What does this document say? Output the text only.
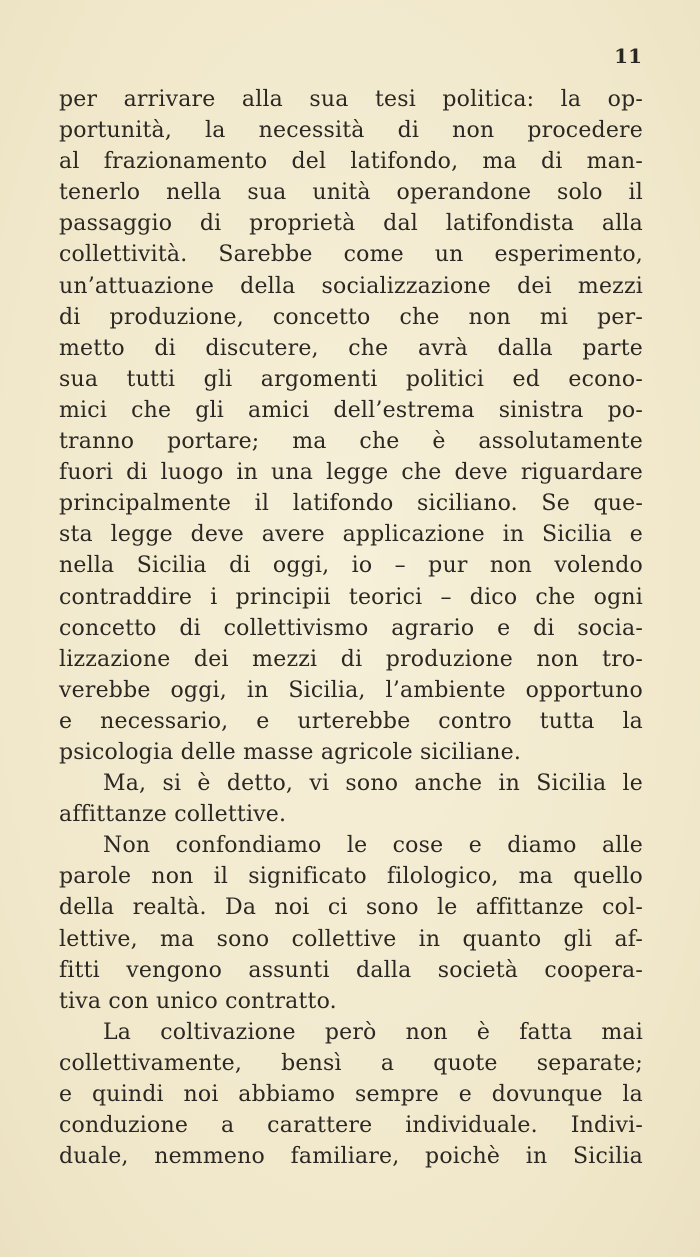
11
per arrivare alla sua tesi politica: la op-
portunità, la necessità di non procedere
al frazionamento del latifondo, ma di man-
tenerlo nella sua unità operandone solo il
passaggio di proprietà dal latifondista alla
collettività. Sarebbe come un esperimento,
un’attuazione della socializzazione dei mezzi
di produzione, concetto che non mi per-
metto di discutere, che avrà dalla parte
sua tutti gli argomenti politici ed econo-
mici che gli amici dell’estrema sinistra po-
tranno portare; ma che è assolutamente
fuori di luogo in una legge che deve riguardare
principalmente il latifondo siciliano. Se que-
sta legge deve avere applicazione in Sicilia e
nella Sicilia di oggi, io – pur non volendo
contraddire i principii teorici – dico che ogni
concetto di collettivismo agrario e di socia-
lizzazione dei mezzi di produzione non tro-
verebbe oggi, in Sicilia, l’ambiente opportuno
e necessario, e urterebbe contro tutta la
psicologia delle masse agricole siciliane.
Ma, si è detto, vi sono anche in Sicilia le
affittanze collettive.
Non confondiamo le cose e diamo alle
parole non il significato filologico, ma quello
della realtà. Da noi ci sono le affittanze col-
lettive, ma sono collettive in quanto gli af-
fitti vengono assunti dalla società coopera-
tiva con unico contratto.
La coltivazione però non è fatta mai
collettivamente, bensì a quote separate;
e quindi noi abbiamo sempre e dovunque la
conduzione a carattere individuale. Indivi-
duale, nemmeno familiare, poichè in Sicilia
